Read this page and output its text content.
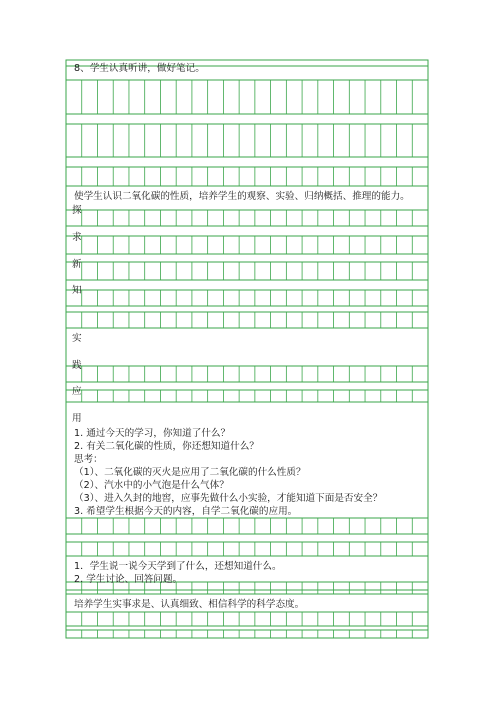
8、学生认真听讲，做好笔记。
使学生认识二氧化碳的性质，培养学生的观察、实验、归纳概括、推理的能力。
探
求
新
知
实
践
应
用
1. 通过今天的学习，你知道了什么？
2. 有关二氧化碳的性质，你还想知道什么？
思考：
（1）、二氧化碳的灭火是应用了二氧化碳的什么性质？
（2）、汽水中的小气泡是什么气体？
（3）、进入久封的地窖，应事先做什么小实验，才能知道下面是否安全？
3. 希望学生根据今天的内容，自学二氧化碳的应用。
1．学生说一说今天学到了什么，还想知道什么。
2. 学生讨论、回答问题。
培养学生实事求是、认真细致、相信科学的科学态度。
